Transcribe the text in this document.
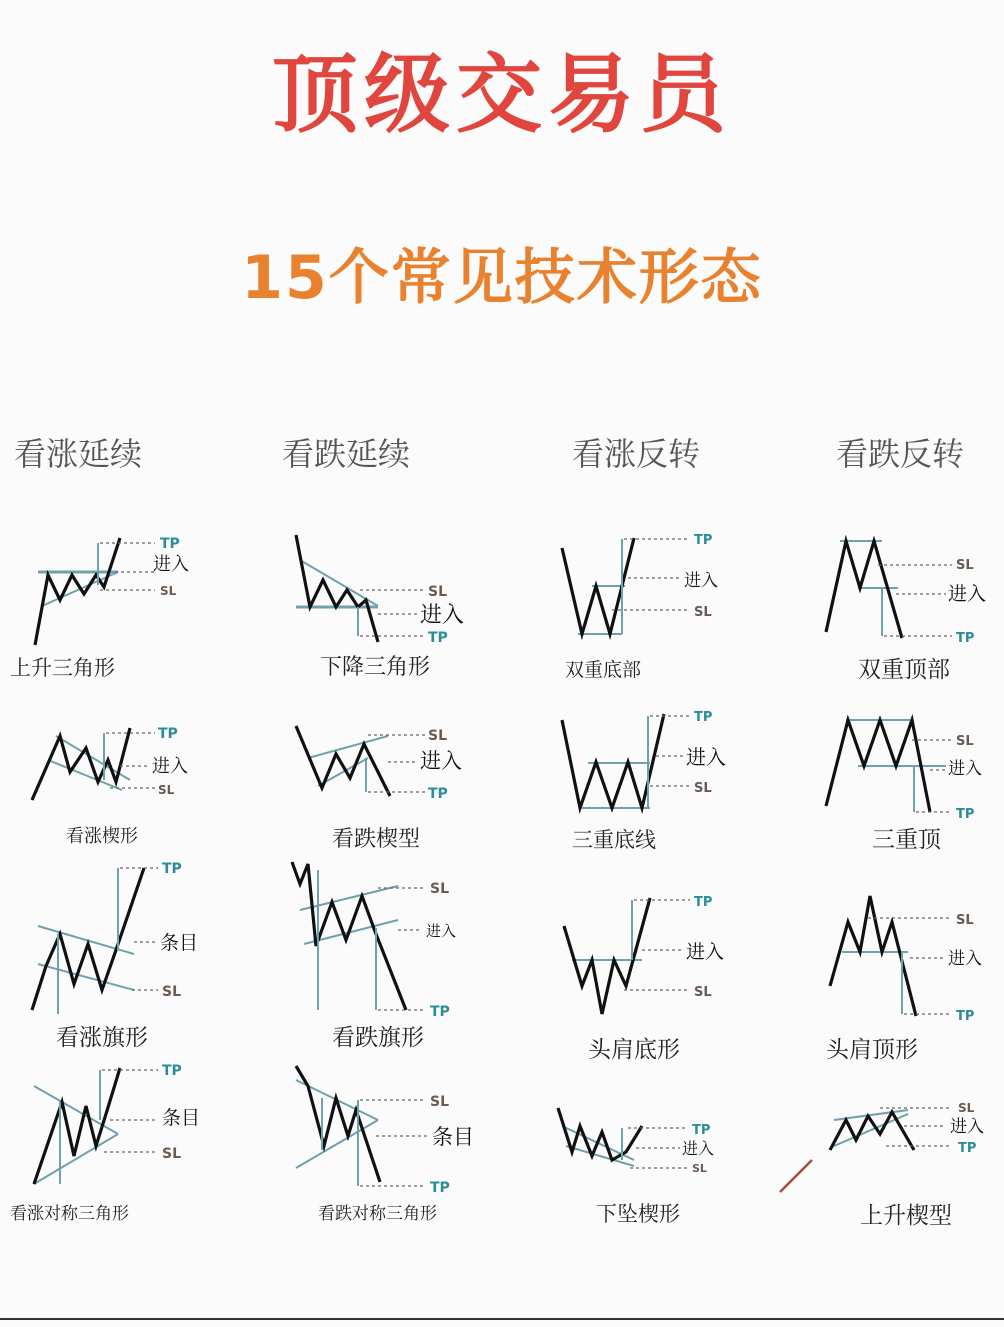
顶级交易员
15个常见技术形态
看涨延续	看跌延续	看涨反转	看跌反转
TP
进入
SL	SL
进入
TP
TP
进入
SL
SL
进入
TP
TP
进入
SL
SL
进入
TP
TP
进入
SL
SL
进入
TP
TP
条目
SL
SL
进入
TP
TP
进入
SL
SL
进入
TP
TP
条目
SL
SL
条目
TP
TP
进入
SL
SL
进入
TP
上升三角形	下降三角形	双重底部	双重顶部
看涨楔形	看跌楔型	三重底线	三重顶
看涨旗形	看跌旗形	头肩底形	头肩顶形
看涨对称三角形	看跌对称三角形	下坠楔形	上升楔型
